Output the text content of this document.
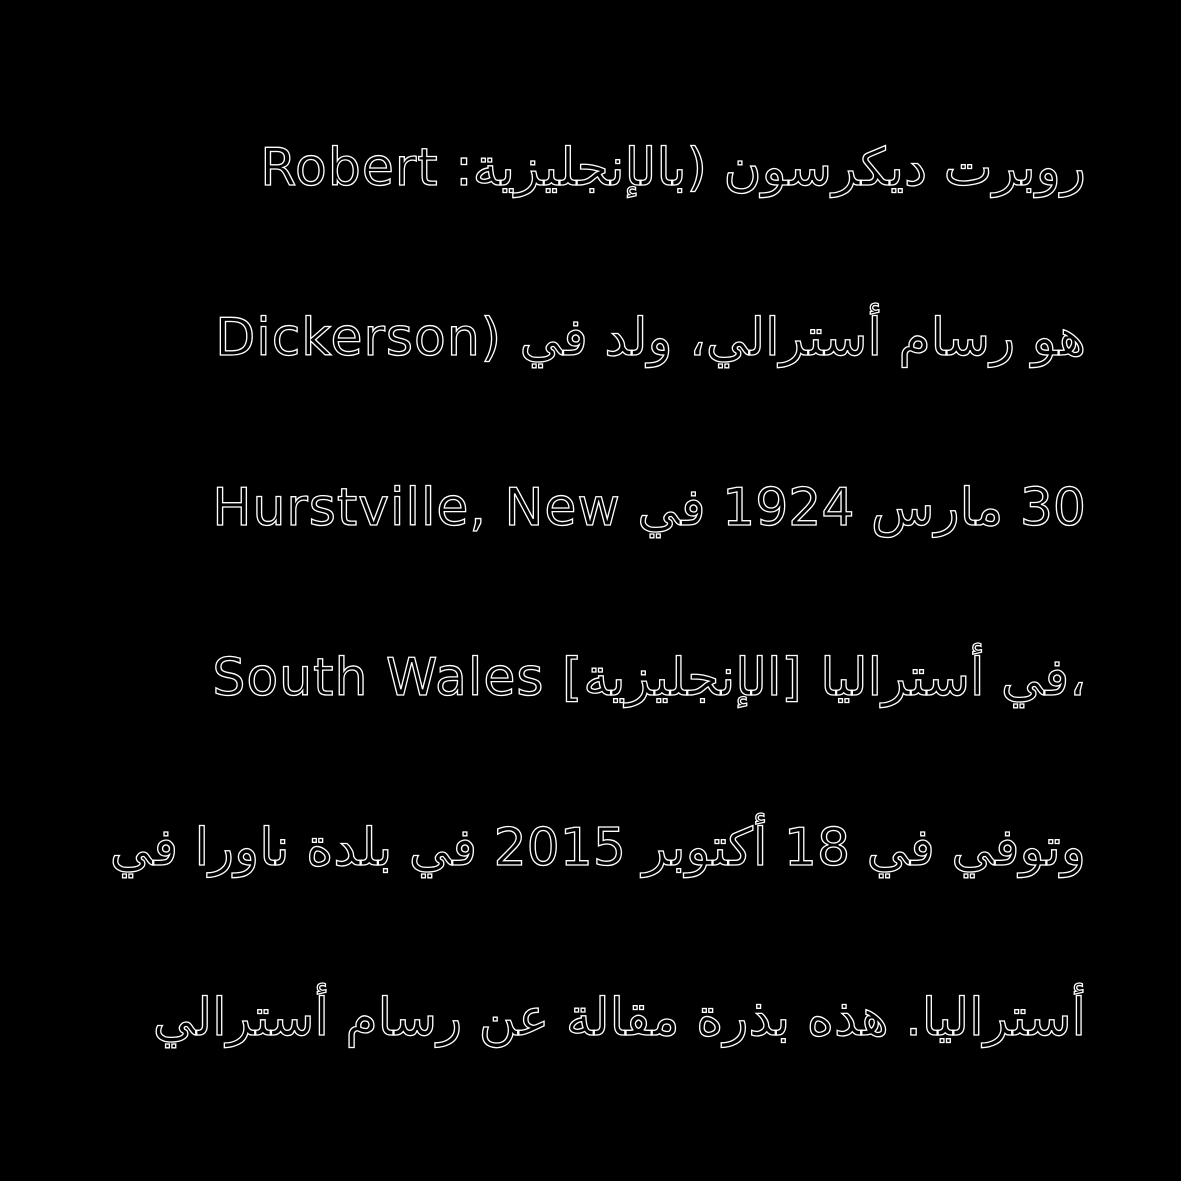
روبرت ديكرسون (بالإنجليزية: Robert
Dickerson) هو رسام أسترالي، ولد في
30 مارس 1924 في Hurstville, New
South Wales [الإنجليزية] في أستراليا،
وتوفي في 18 أكتوبر 2015 في بلدة ناورا في
أستراليا. هذه بذرة مقالة عن رسام أسترالي
